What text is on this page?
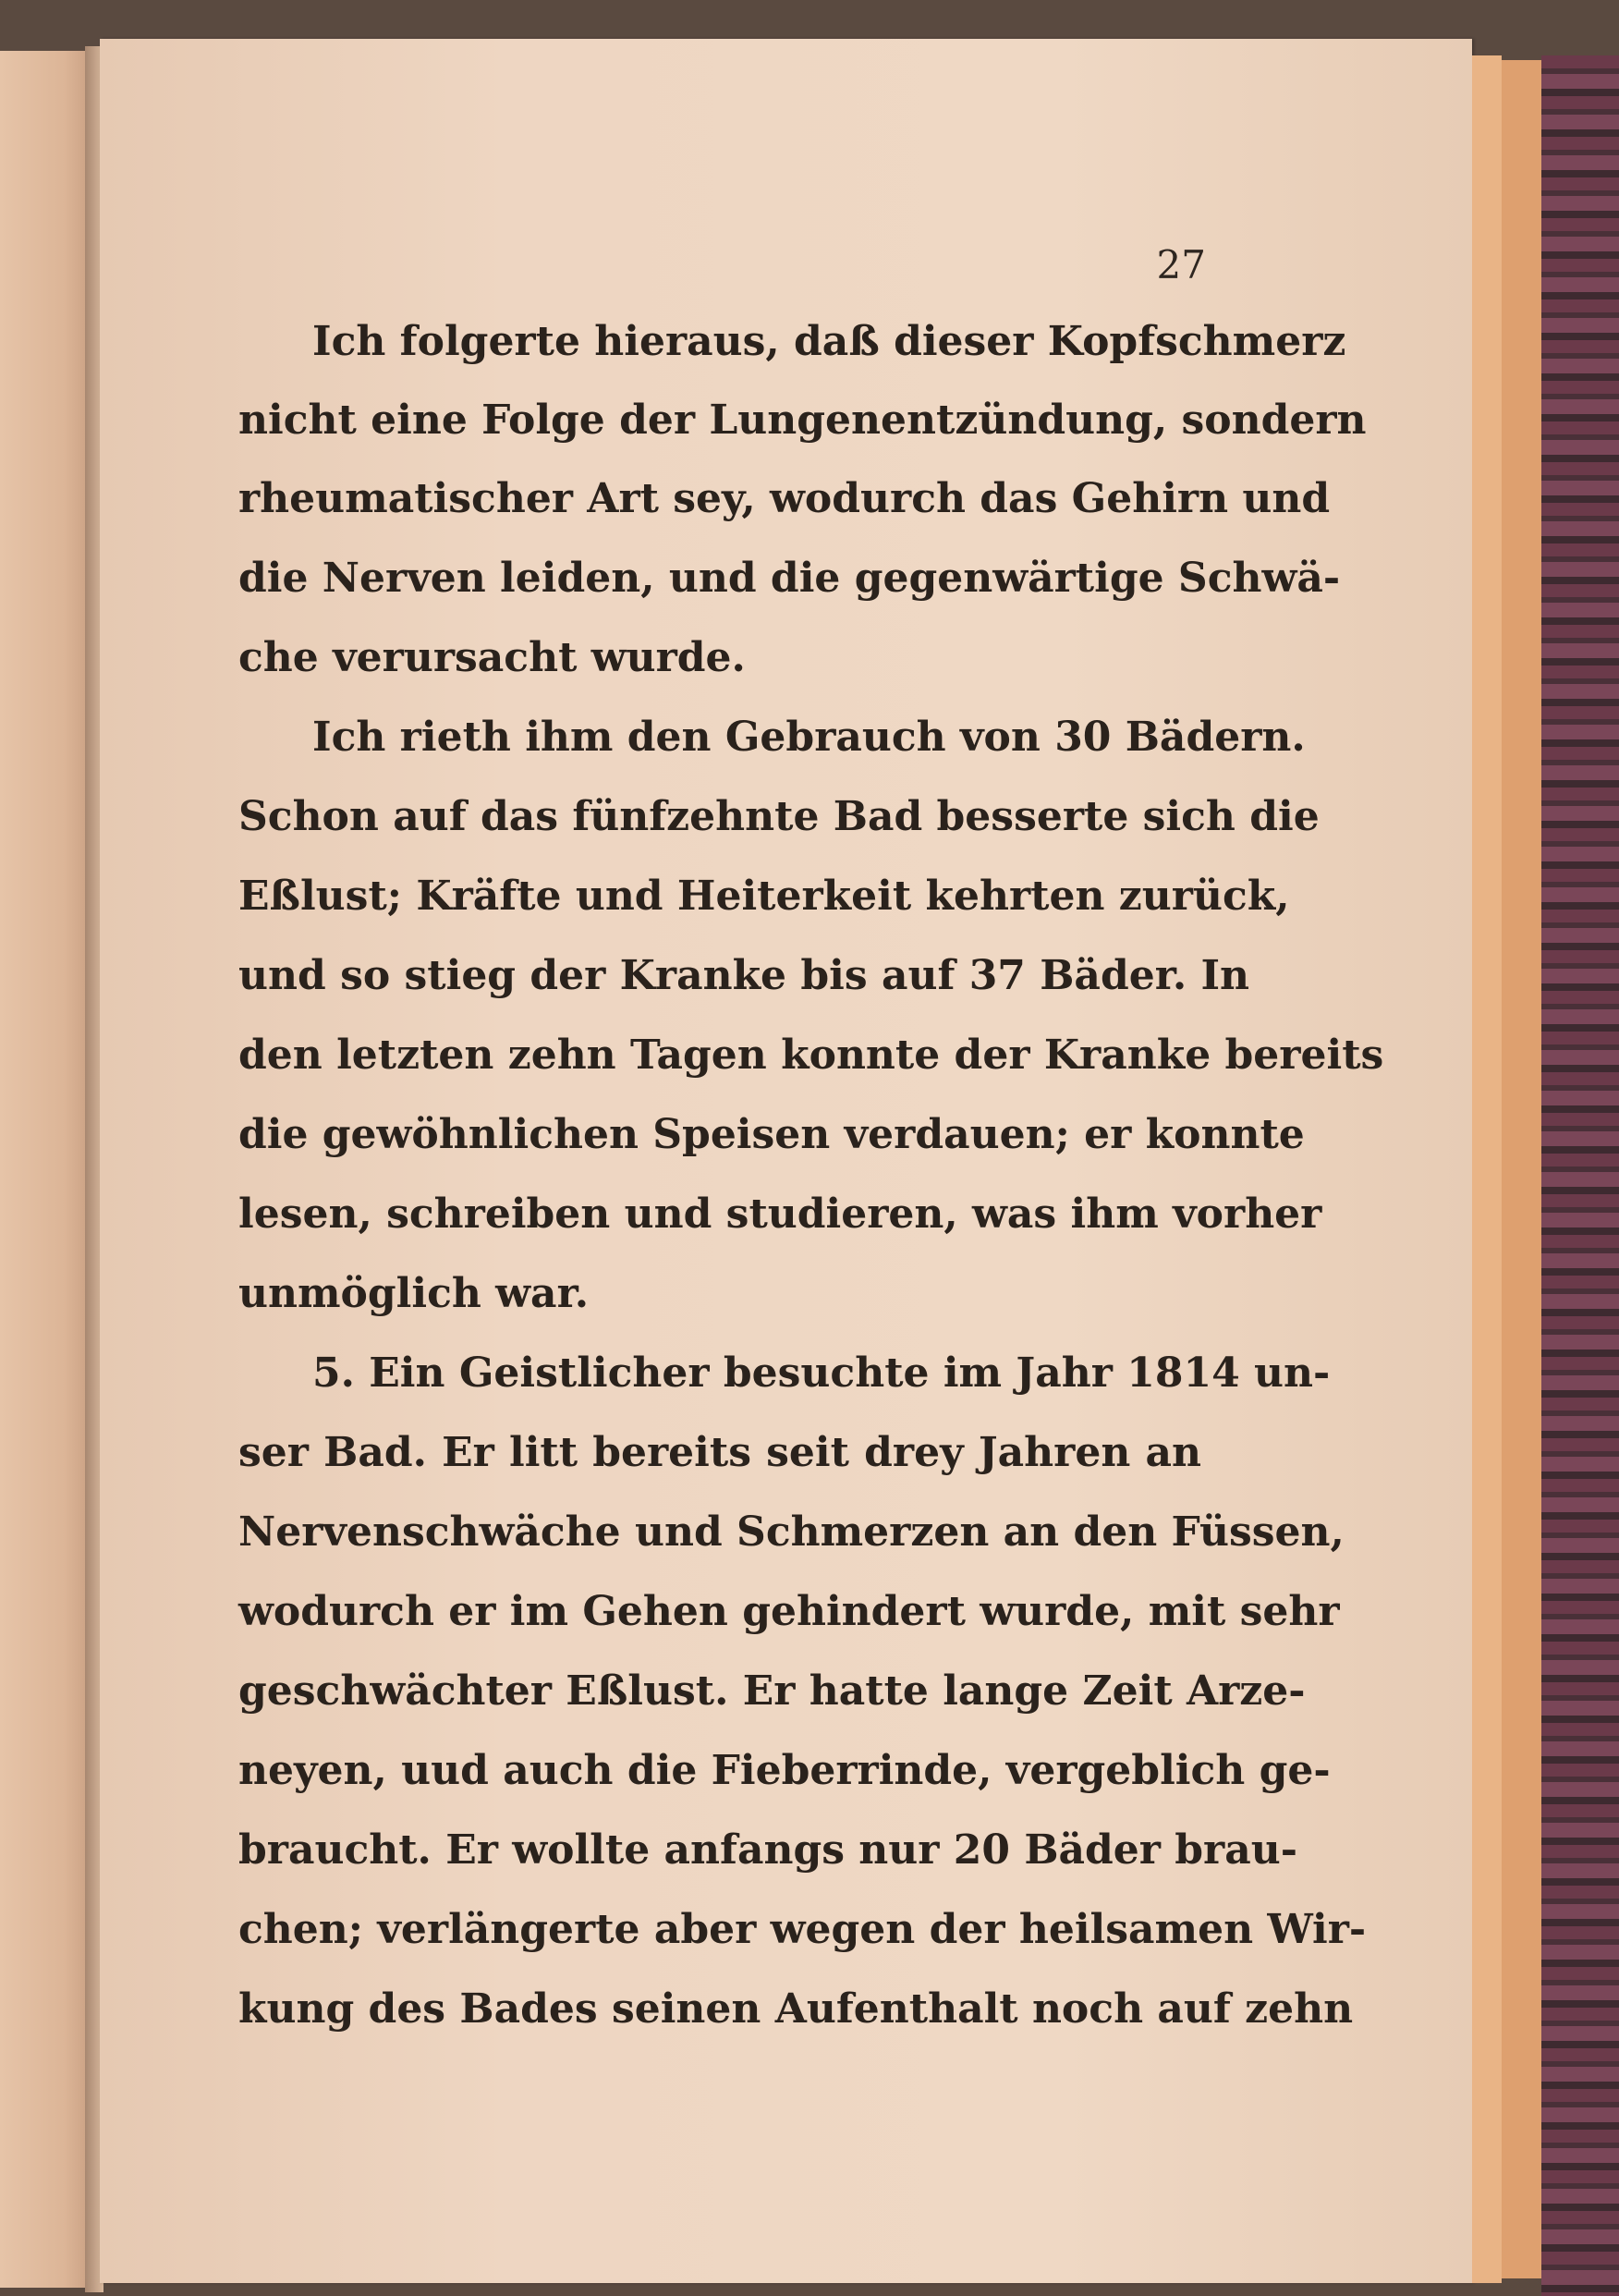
27
Ich folgerte hieraus, daß dieser Kopfschmerz
nicht eine Folge der Lungenentzündung, sondern
rheumatischer Art sey, wodurch das Gehirn und
die Nerven leiden, und die gegenwärtige Schwä-
che verursacht wurde.
Ich rieth ihm den Gebrauch von 30 Bädern.
Schon auf das fünfzehnte Bad besserte sich die
Eßlust; Kräfte und Heiterkeit kehrten zurück,
und so stieg der Kranke bis auf 37 Bäder. In
den letzten zehn Tagen konnte der Kranke bereits
die gewöhnlichen Speisen verdauen; er konnte
lesen, schreiben und studieren, was ihm vorher
unmöglich war.
5. Ein Geistlicher besuchte im Jahr 1814 un-
ser Bad. Er litt bereits seit drey Jahren an
Nervenschwäche und Schmerzen an den Füssen,
wodurch er im Gehen gehindert wurde, mit sehr
geschwächter Eßlust. Er hatte lange Zeit Arze-
neyen, uud auch die Fieberrinde, vergeblich ge-
braucht. Er wollte anfangs nur 20 Bäder brau-
chen; verlängerte aber wegen der heilsamen Wir-
kung des Bades seinen Aufenthalt noch auf zehn
